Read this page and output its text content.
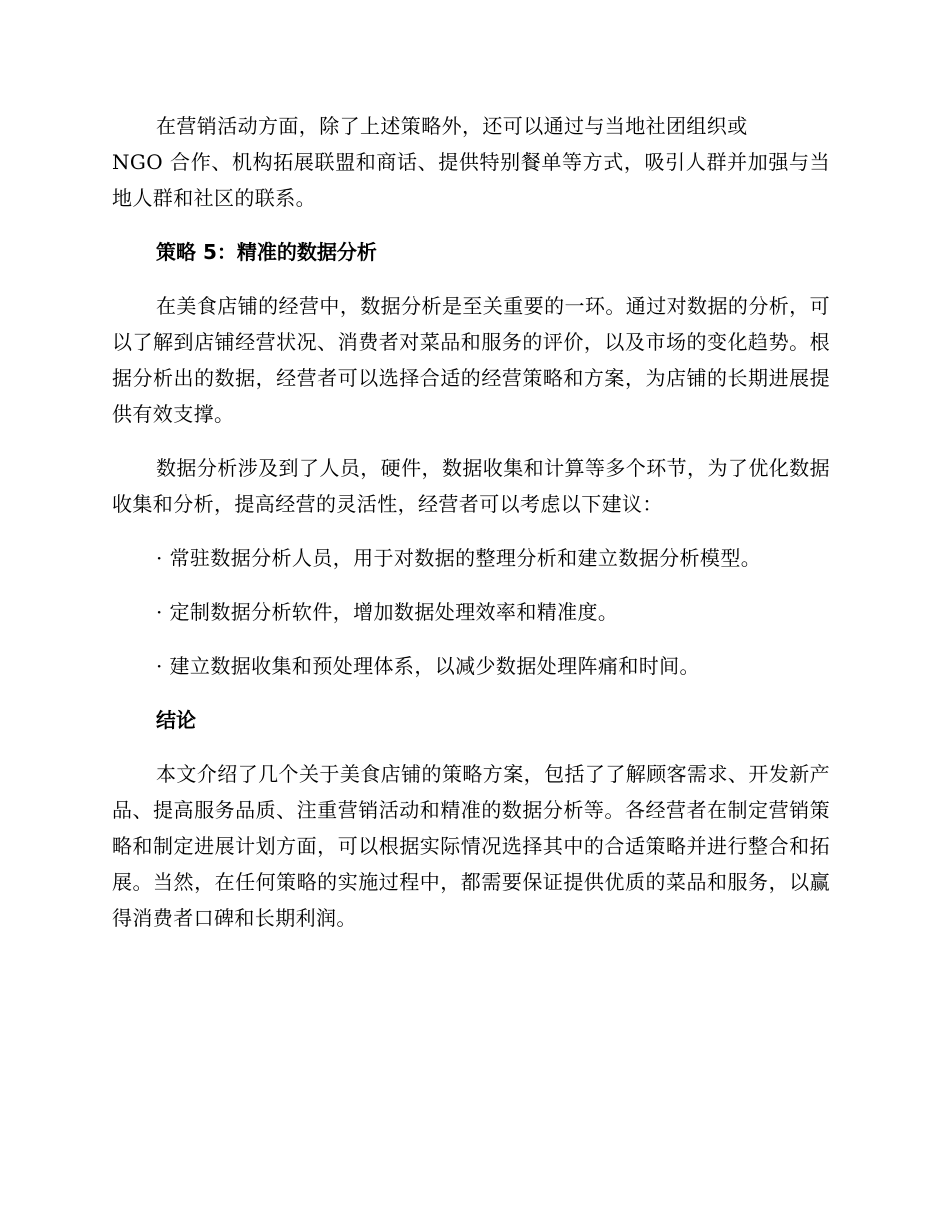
在营销活动方面，除了上述策略外，还可以通过与当地社团组织或
NGO 合作、机构拓展联盟和商话、提供特别餐单等方式，吸引人群并加强与当地人群和社区的联系。

策略 5：精准的数据分析

在美食店铺的经营中，数据分析是至关重要的一环。通过对数据的分析，可以了解到店铺经营状况、消费者对菜品和服务的评价，以及市场的变化趋势。根据分析出的数据，经营者可以选择合适的经营策略和方案，为店铺的长期进展提供有效支撑。

数据分析涉及到了人员，硬件，数据收集和计算等多个环节，为了优化数据收集和分析，提高经营的灵活性，经营者可以考虑以下建议：

· 常驻数据分析人员，用于对数据的整理分析和建立数据分析模型。

· 定制数据分析软件，增加数据处理效率和精准度。

· 建立数据收集和预处理体系，以减少数据处理阵痛和时间。

结论

本文介绍了几个关于美食店铺的策略方案，包括了了解顾客需求、开发新产品、提高服务品质、注重营销活动和精准的数据分析等。各经营者在制定营销策略和制定进展计划方面，可以根据实际情况选择其中的合适策略并进行整合和拓展。当然，在任何策略的实施过程中，都需要保证提供优质的菜品和服务，以赢得消费者口碑和长期利润。
